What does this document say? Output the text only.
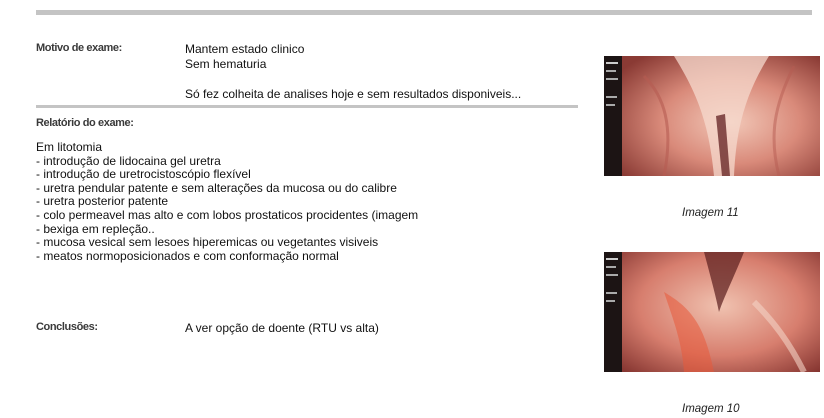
Motivo de exame:	Mantem estado clinico
Sem hematuria
Só fez colheita de analises hoje e sem resultados disponiveis...
Relatório do exame:
Em litotomia
- introdução de lidocaina gel uretra
- introdução de uretrocistoscópio flexível
- uretra pendular patente e sem alterações da mucosa ou do calibre
- uretra posterior patente
- colo permeavel mas alto e com lobos prostaticos procidentes (imagem
- bexiga em repleção..
- mucosa vesical sem lesoes hiperemicas ou vegetantes visiveis
- meatos normoposicionados e com conformação normal
Conclusões:	A ver opção de doente (RTU vs alta)
Imagem 11
Imagem 10
